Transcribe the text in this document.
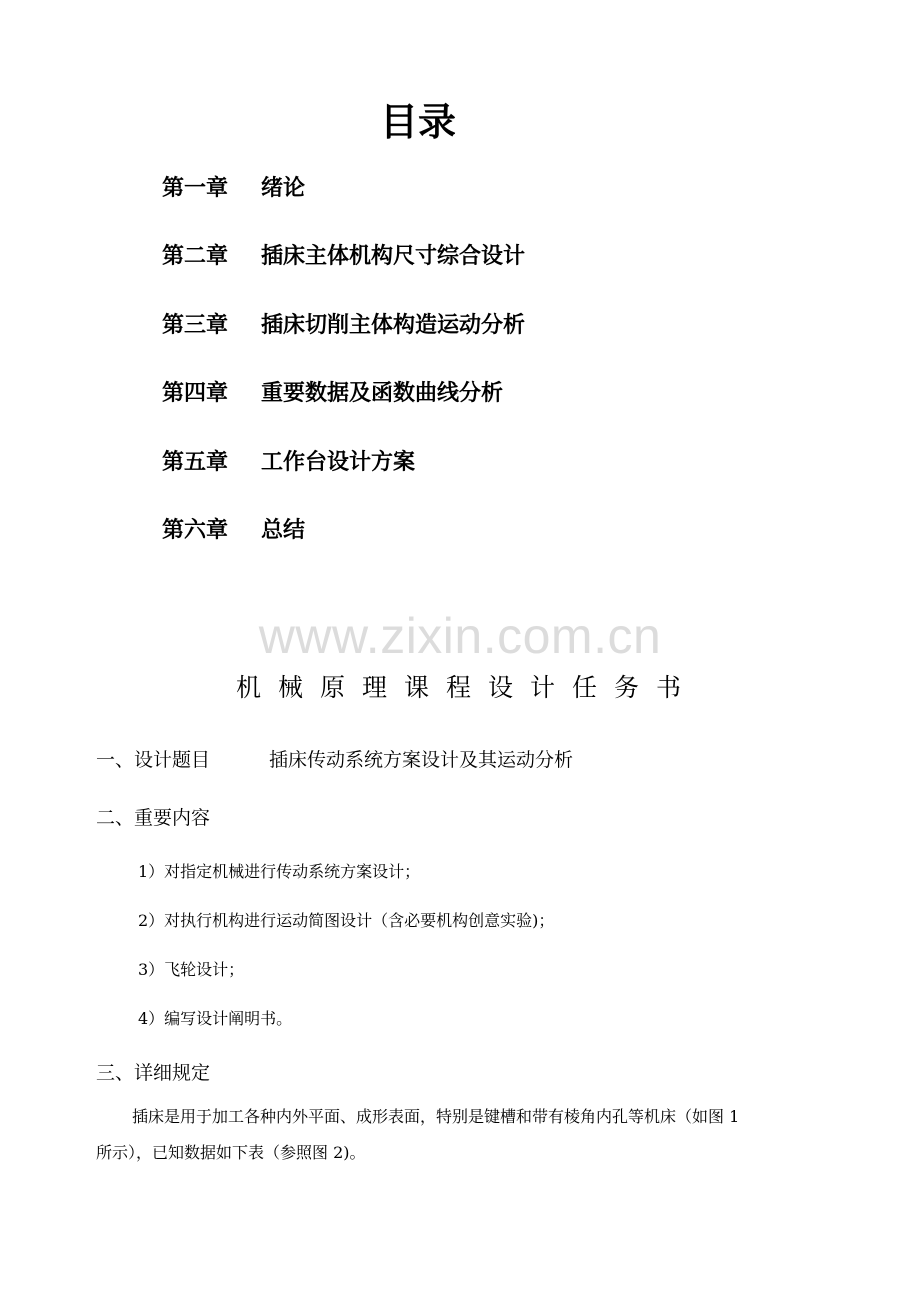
目录
第一章 绪论
第二章 插床主体机构尺寸综合设计
第三章 插床切削主体构造运动分析
第四章 重要数据及函数曲线分析
第五章 工作台设计方案
第六章 总结
www.zixin.com.cn
机械原理课程设计任务书
一、设计题目	插床传动系统方案设计及其运动分析
二、重要内容
1）对指定机械进行传动系统方案设计；
2）对执行机构进行运动简图设计（含必要机构创意实验)；
3）飞轮设计；
4）编写设计阐明书。
三、详细规定
插床是用于加工各种内外平面、成形表面，特别是键槽和带有棱角内孔等机床（如图 1
所示），已知数据如下表（参照图 2)。
